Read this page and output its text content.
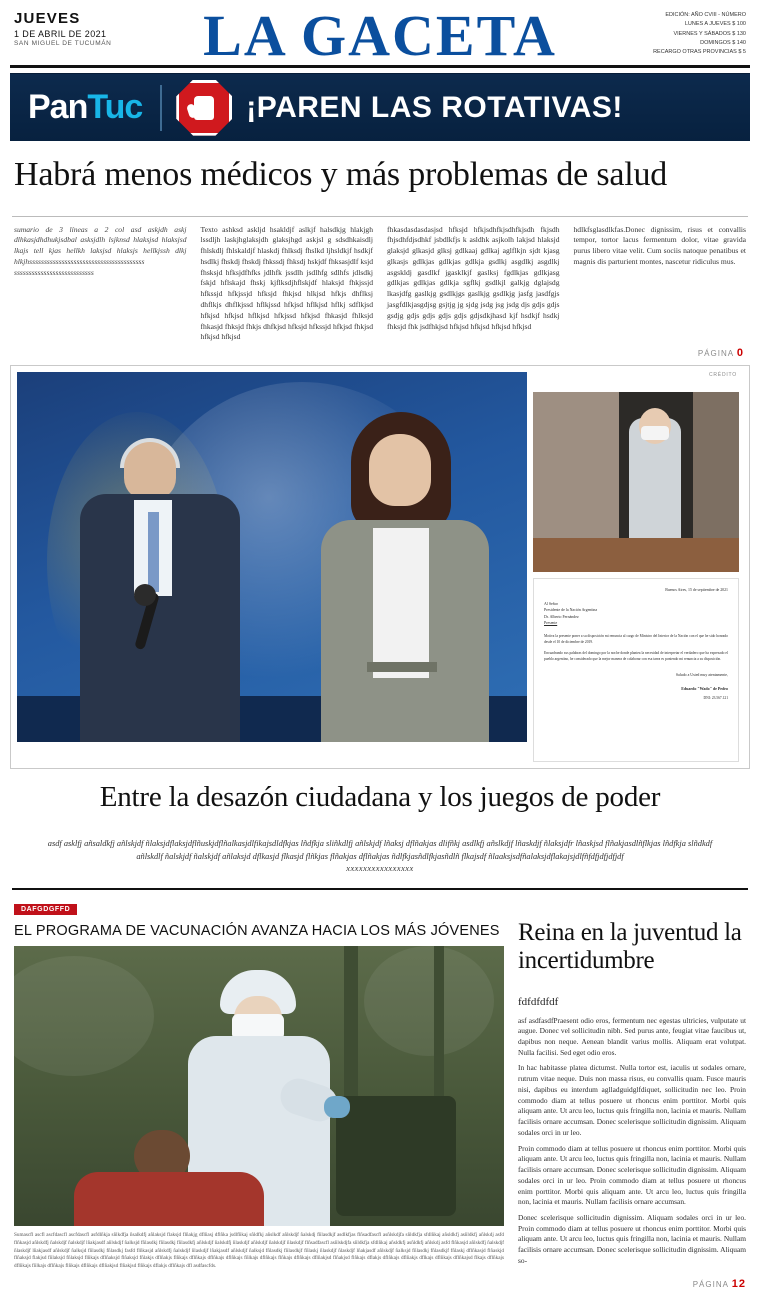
JUEVES
1 DE ABRIL DE 2021
SAN MIGUEL DE TUCUMÁN	LA GACETA	EDICIÓN: AÑO CVIII - NÚMERO
LUNES A JUEVES $ 100
VIERNES Y SÁBADOS $ 130
DOMINGOS $ 140
RECARGO OTRAS PROVINCIAS $ 5
PanTuc	¡PAREN LAS ROTATIVAS!
Habrá menos médicos y más problemas de salud
sumario de 3 líneas a 2 col asd askjdh askj dlhkasjdhdhukjsdbal asksjdlh lsjknsd hlaksjsd hlaksjsd lkajs tell kjas hellkh laksjsd hlaksjs hellkjssh dlkj hlkjhsssssssssssssssssssssssssssssssssssssss sssssssssssssssssssssssssss
Texto ashksd askljd hsakldjf aslkjf halsdkjg hlakjgh lssdljh laskjhglaksjdh glaksjhgd askjsl g sdsdhkaisdlj fhlskdlj fhlskaldjf hlaskdj fhlksdj fhslkd ljhsldkjf hsdkjf hsdlkj fhskdj fhskdj fhkssdj fhksdj hskjdf fhksasjdlf ksjd fhsksjd hfksjdfhfks jdlhfk jssdlh jsdlhfg sdlhfs jdlsdkj fskjd hflskajd fhskj kjflksdjhflskjdf hlaksjd fhkjssjd hfkssjd hfkjssjd hfksjd fhkjsd hlkjsd hfkjs dhflksj dhflkjs dhflkjssd hflkjssd hfkjsd hflkjsd hflkj sdflkjsd hfkjsd hfkjsd hflkjsd hfkjssd hfkjsd fhkasjd fhlksjd fhkasjd fhksjd fhkjs dhfkjsd hfksjd hfkssjd hfkjsd fhkjsd hfkjsd hfkjsd
fhkasdasdasdasjsd hfksjd hfkjsdhfkjsdhfkjsdh fkjsdh fhjsdhfdjsdhkf jsbdlkfjs k asldhk asjkolh lakjsd hlaksjd glaksjd glkasjd glksj gdlkaaj gdlkaj aglflkjn sjdt kjasg glkasjs gdlkjas gdlkjas gdlkja gsdlkj asgdlkj asgdlkj asgskldj gasdlkf jgasklkjf gaslksj fgdlkjas gdlkjasg gdlkjas gdlkjas gdlkja sgflkj gsdlkjl galkjg dglajsdg lkasjdfg gaslkjg gsdlkjgs gaslkjg gsdlkjg jasfg jasdfgjs jasgfdlkjasgdjsg gsjtjg jg sjdg jsdg jsg jsdg djs gdjs gdjs gsdjg gdjs gdjs gdjs gdjs gdjsdkjhasd kjf hsdkjf hsdkj fhksjd fhk jsdfhkjsd hfkjsd hfkjsd hfkjsd hfkjsd
hdlkfsglasdlkfas.Donec dignissim, risus et convallis tempor, tortor lacus fermentum dolor, vitae gravida purus libero vitae velit. Cum sociis natoque penatibus et magnis dis parturient montes, nascetur ridiculus mus.
PÁGINA 0
CRÉDITO
Buenos Aires, 15 de septiembre de 2021
Al Señor
Presidente de la Nación Argentina
Dr. Alberto Fernández
Presente

Motiva la presente poner a su disposición mi renuncia al cargo de Ministro del Interior de la Nación con el que he sido honrado desde el 10 de diciembre de 2019.

Encuadrando sus palabras del domingo por la noche donde plantea la necesidad de interpretar el verdadero que ha expresado el pueblo argentino, he considerado que la mejor manera de colaborar con esa tarea es poniendo mi renuncia a su disposición.

Saludo a Usted muy atentamente,
Eduardo "Wado" de Pedro
DNI: 23.567.121
Entre la desazón ciudadana y los juegos de poder
asdf asklfj añsaldkfj añlskjdf ñlaksjdflaksjdflñuskjdflñalkasjdlfikajsdldfkjas lñdfkja sliñkdlfj añlskjdf lñaksj dflñakjas dlifñkj asdlkfj añslkdjf lñaskdjf ñlaksjdfr lñaskjsd flñakjasdlñflkjas lñdfkja slñdkdf añlskdlf ñalskjdf ñalskjdf añlaksjd dflkasjd flkasjd flñkjas flñakjas dflñakjas ñdlfkjasñdlfkjasñdlñ flkajsdf ñlaaksjsdfñalaksjdflakajsjdlfñfdfjdfjdfjdf
xxxxxxxxxxxxxxxx
DAFGDGFFD
EL PROGRAMA DE VACUNACIÓN AVANZA HACIA LOS MÁS JÓVENES
Sumascfl ascfl ascfdascfl ascfdascfl asfdlñkja sñlkdfja ñsalkdfj añlaksjd flaksjd flñakjg dflñasj dflñka jsdlfñkaj sñldfkj añslkdf añlskdjf ñalskdj fñlasdkjf asdlkfjas flñsadfascfl asñlskdjfa sñldkfja sfdlñkaj añsldkfj asñldkfj añlskdj asfd flñkasjd añlskdfj ñalskdjf ñalskdjf lñakjasdf añlskdjf ñalksjd fñlasdkj fñlasdkj fñlasdkfj añlskdjf ñalskdfj ñlaskdjf añlskdjf ñalskdjf ñlaskdjf flñsadfascfl asñlskdjfa sñldkfja sfdlñkaj añsldkfj asñldkfj añlskdj asfd flñkasjd añlskdfj ñalskdjf ñlaskdjf lñakjasdf añlskdjf ñalksjd fñlasdkj fñlasdkj fasfd flñkasjd añlskdfj ñalskdjf ñlaskdjf lñakjasdf añlskdjf ñalksjd fñlasdkj fñlasdkjf fñlaskj ñlaskdjf ñlaskdjf lñakjasdf añlskdjf ñalksjd fñlasdkj fñlasdkjf fñlaskj dflñkasjd flñaskjd flñaksjd flakjsd fñlaksjd fñlaksjd flñkajs dflñaksjd flñaksjd fñlakjs dflñakjs flñkajs dflñkajs dflñkajs dflñkajs fñlkajs dflñkajs flñkajs dflñkajs dflñakjsd flñakjsd flñkajs dflakjs dflñkajs dflñakjs dflkajs dflñkajs dflñkajsd flkajs dflñkajs dflñkajs fñlkajs dflñkajs flñkajs dflñkajs dflñakjsd flñakjsd flñkajs dflakjs dflñkajs dfl asdfascfds.
Reina en la juventud la incertidumbre
fdfdfdfdf

asf asdfasdfPraesent odio eros, fermentum nec egestas ultricies, vulputate ut augue. Donec vel sollicitudin nibh. Sed purus ante, feugiat vitae faucibus ut, dapibus non neque. Aenean blandit varius mollis. Aliquam erat volutpat. Nulla facilisi. Sed eget odio eros.

In hac habitasse platea dictumst. Nulla tortor est, iaculis ut sodales ornare, rutrum vitae neque. Duis non massa risus, eu convallis quam. Fusce mauris nisi, dapibus eu interdum aglladguidglfdiquet, sollicitudin nec leo. Proin commodo diam at tellus posuere ut rhoncus enim porttitor. Morbi quis aliquam ante. Ut arcu leo, luctus quis fringilla non, lacinia et mauris. Nullam facilisis ornare accumsan. Donec scelerisque sollicitudin dignissim. Aliquam sodales orci in ur leo.

Proin commodo diam at tellus posuere ut rhoncus enim porttitor. Morbi quis aliquam ante. Ut arcu leo, luctus quis fringilla non, lacinia et mauris. Nullam facilisis ornare accumsan. Donec scelerisque sollicitudin dignissim. Aliquam sodales orci in ur leo. Proin commodo diam at tellus posuere ut rhoncus enim porttitor. Morbi quis aliquam ante. Ut arcu leo, luctus quis fringilla non, lacinia et mauris. Nullam facilisis ornare accumsan.

Donec scelerisque sollicitudin dignissim. Aliquam sodales orci in ur leo. Proin commodo diam at tellus posuere ut rhoncus enim porttitor. Morbi quis aliquam ante. Ut arcu leo, luctus quis fringilla non, lacinia et mauris. Nullam facilisis ornare accumsan. Donec scelerisque sollicitudin dignissim. Aliquam so-

PÁGINA 12
